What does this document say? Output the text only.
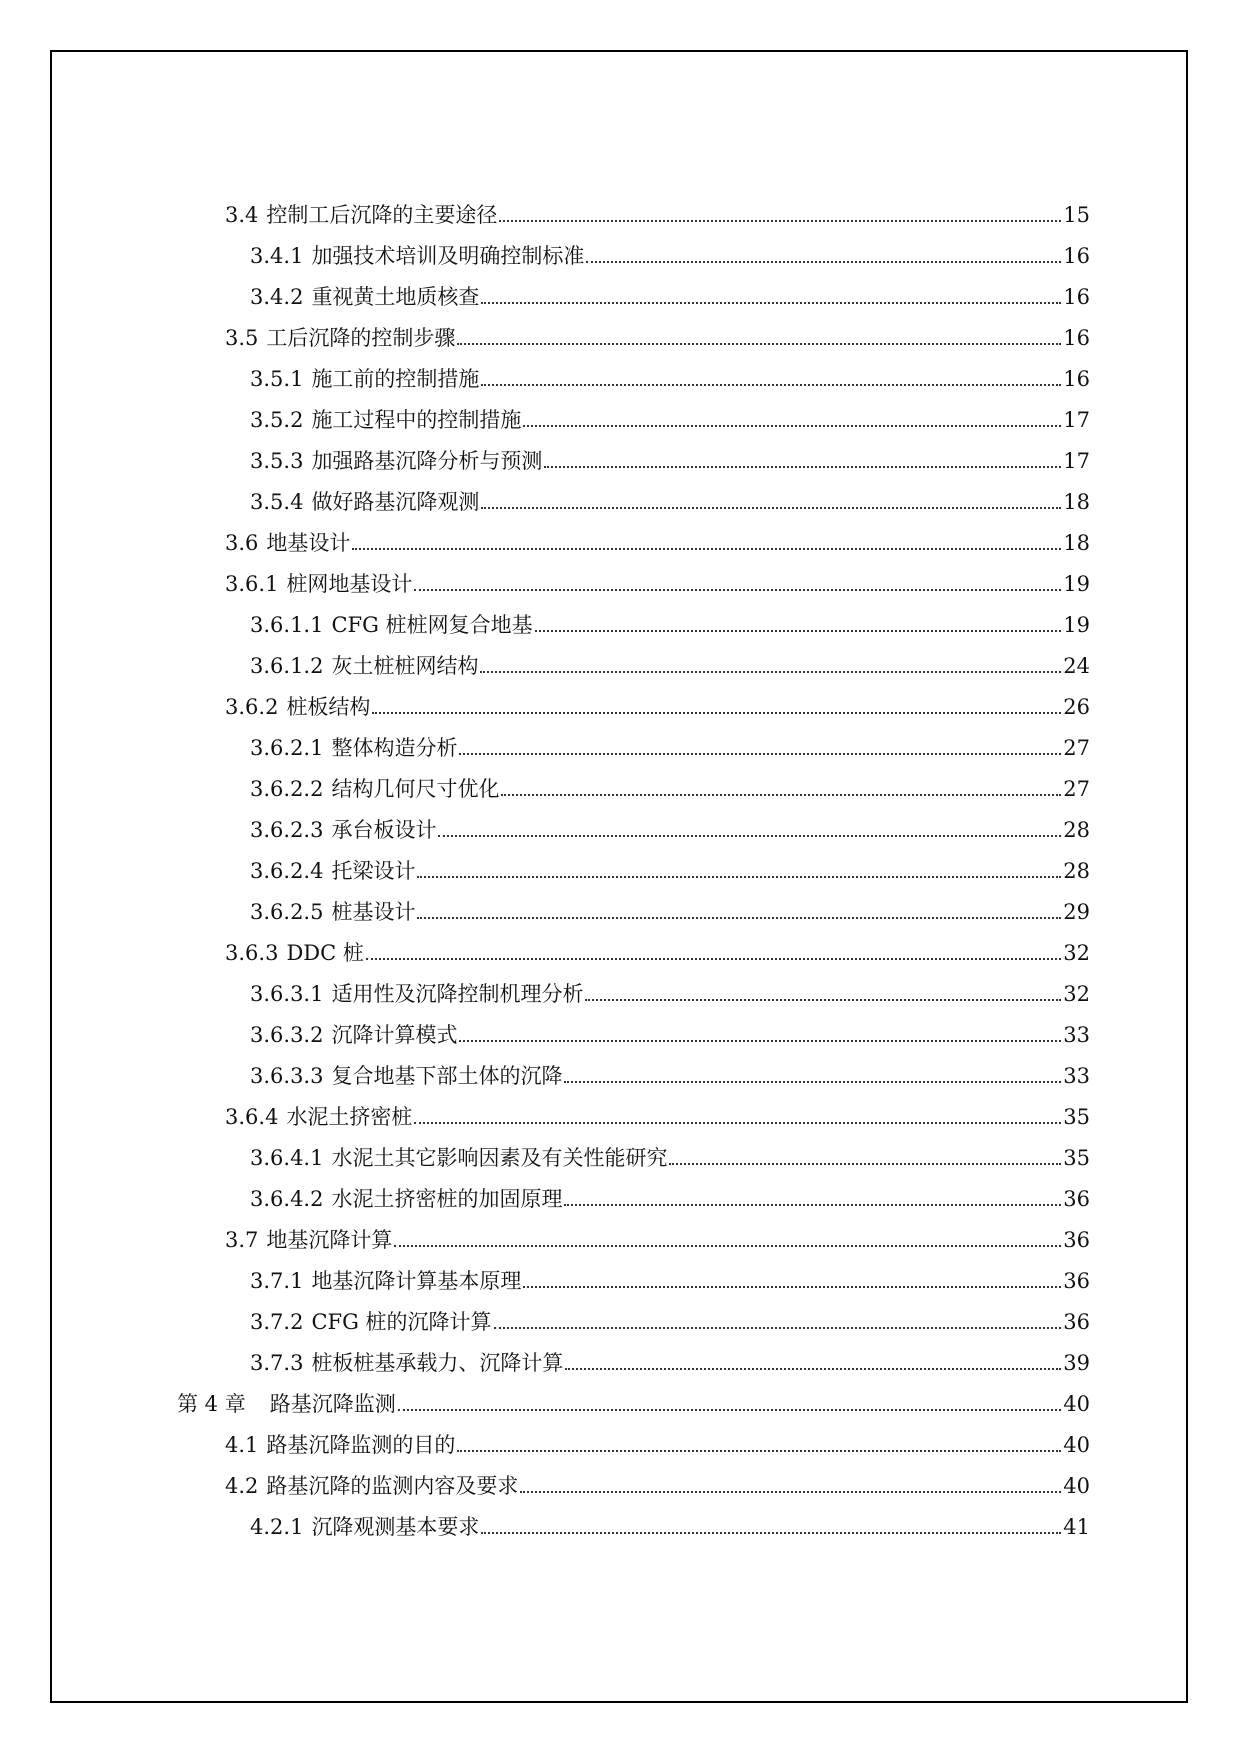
3.4 控制工后沉降的主要途径	15
3.4.1 加强技术培训及明确控制标准	16
3.4.2 重视黄土地质核查	16
3.5 工后沉降的控制步骤	16
3.5.1 施工前的控制措施	16
3.5.2 施工过程中的控制措施	17
3.5.3 加强路基沉降分析与预测	17
3.5.4 做好路基沉降观测	18
3.6 地基设计	18
3.6.1 桩网地基设计	19
3.6.1.1 CFG 桩桩网复合地基	19
3.6.1.2 灰土桩桩网结构	24
3.6.2 桩板结构	26
3.6.2.1 整体构造分析	27
3.6.2.2 结构几何尺寸优化	27
3.6.2.3 承台板设计	28
3.6.2.4 托梁设计	28
3.6.2.5 桩基设计	29
3.6.3 DDC 桩	32
3.6.3.1 适用性及沉降控制机理分析	32
3.6.3.2 沉降计算模式	33
3.6.3.3 复合地基下部土体的沉降	33
3.6.4 水泥土挤密桩	35
3.6.4.1 水泥土其它影响因素及有关性能研究	35
3.6.4.2 水泥土挤密桩的加固原理	36
3.7 地基沉降计算	36
3.7.1 地基沉降计算基本原理	36
3.7.2 CFG 桩的沉降计算	36
3.7.3 桩板桩基承载力、沉降计算	39
第 4 章 路基沉降监测	40
4.1 路基沉降监测的目的	40
4.2 路基沉降的监测内容及要求	40
4.2.1 沉降观测基本要求	41
